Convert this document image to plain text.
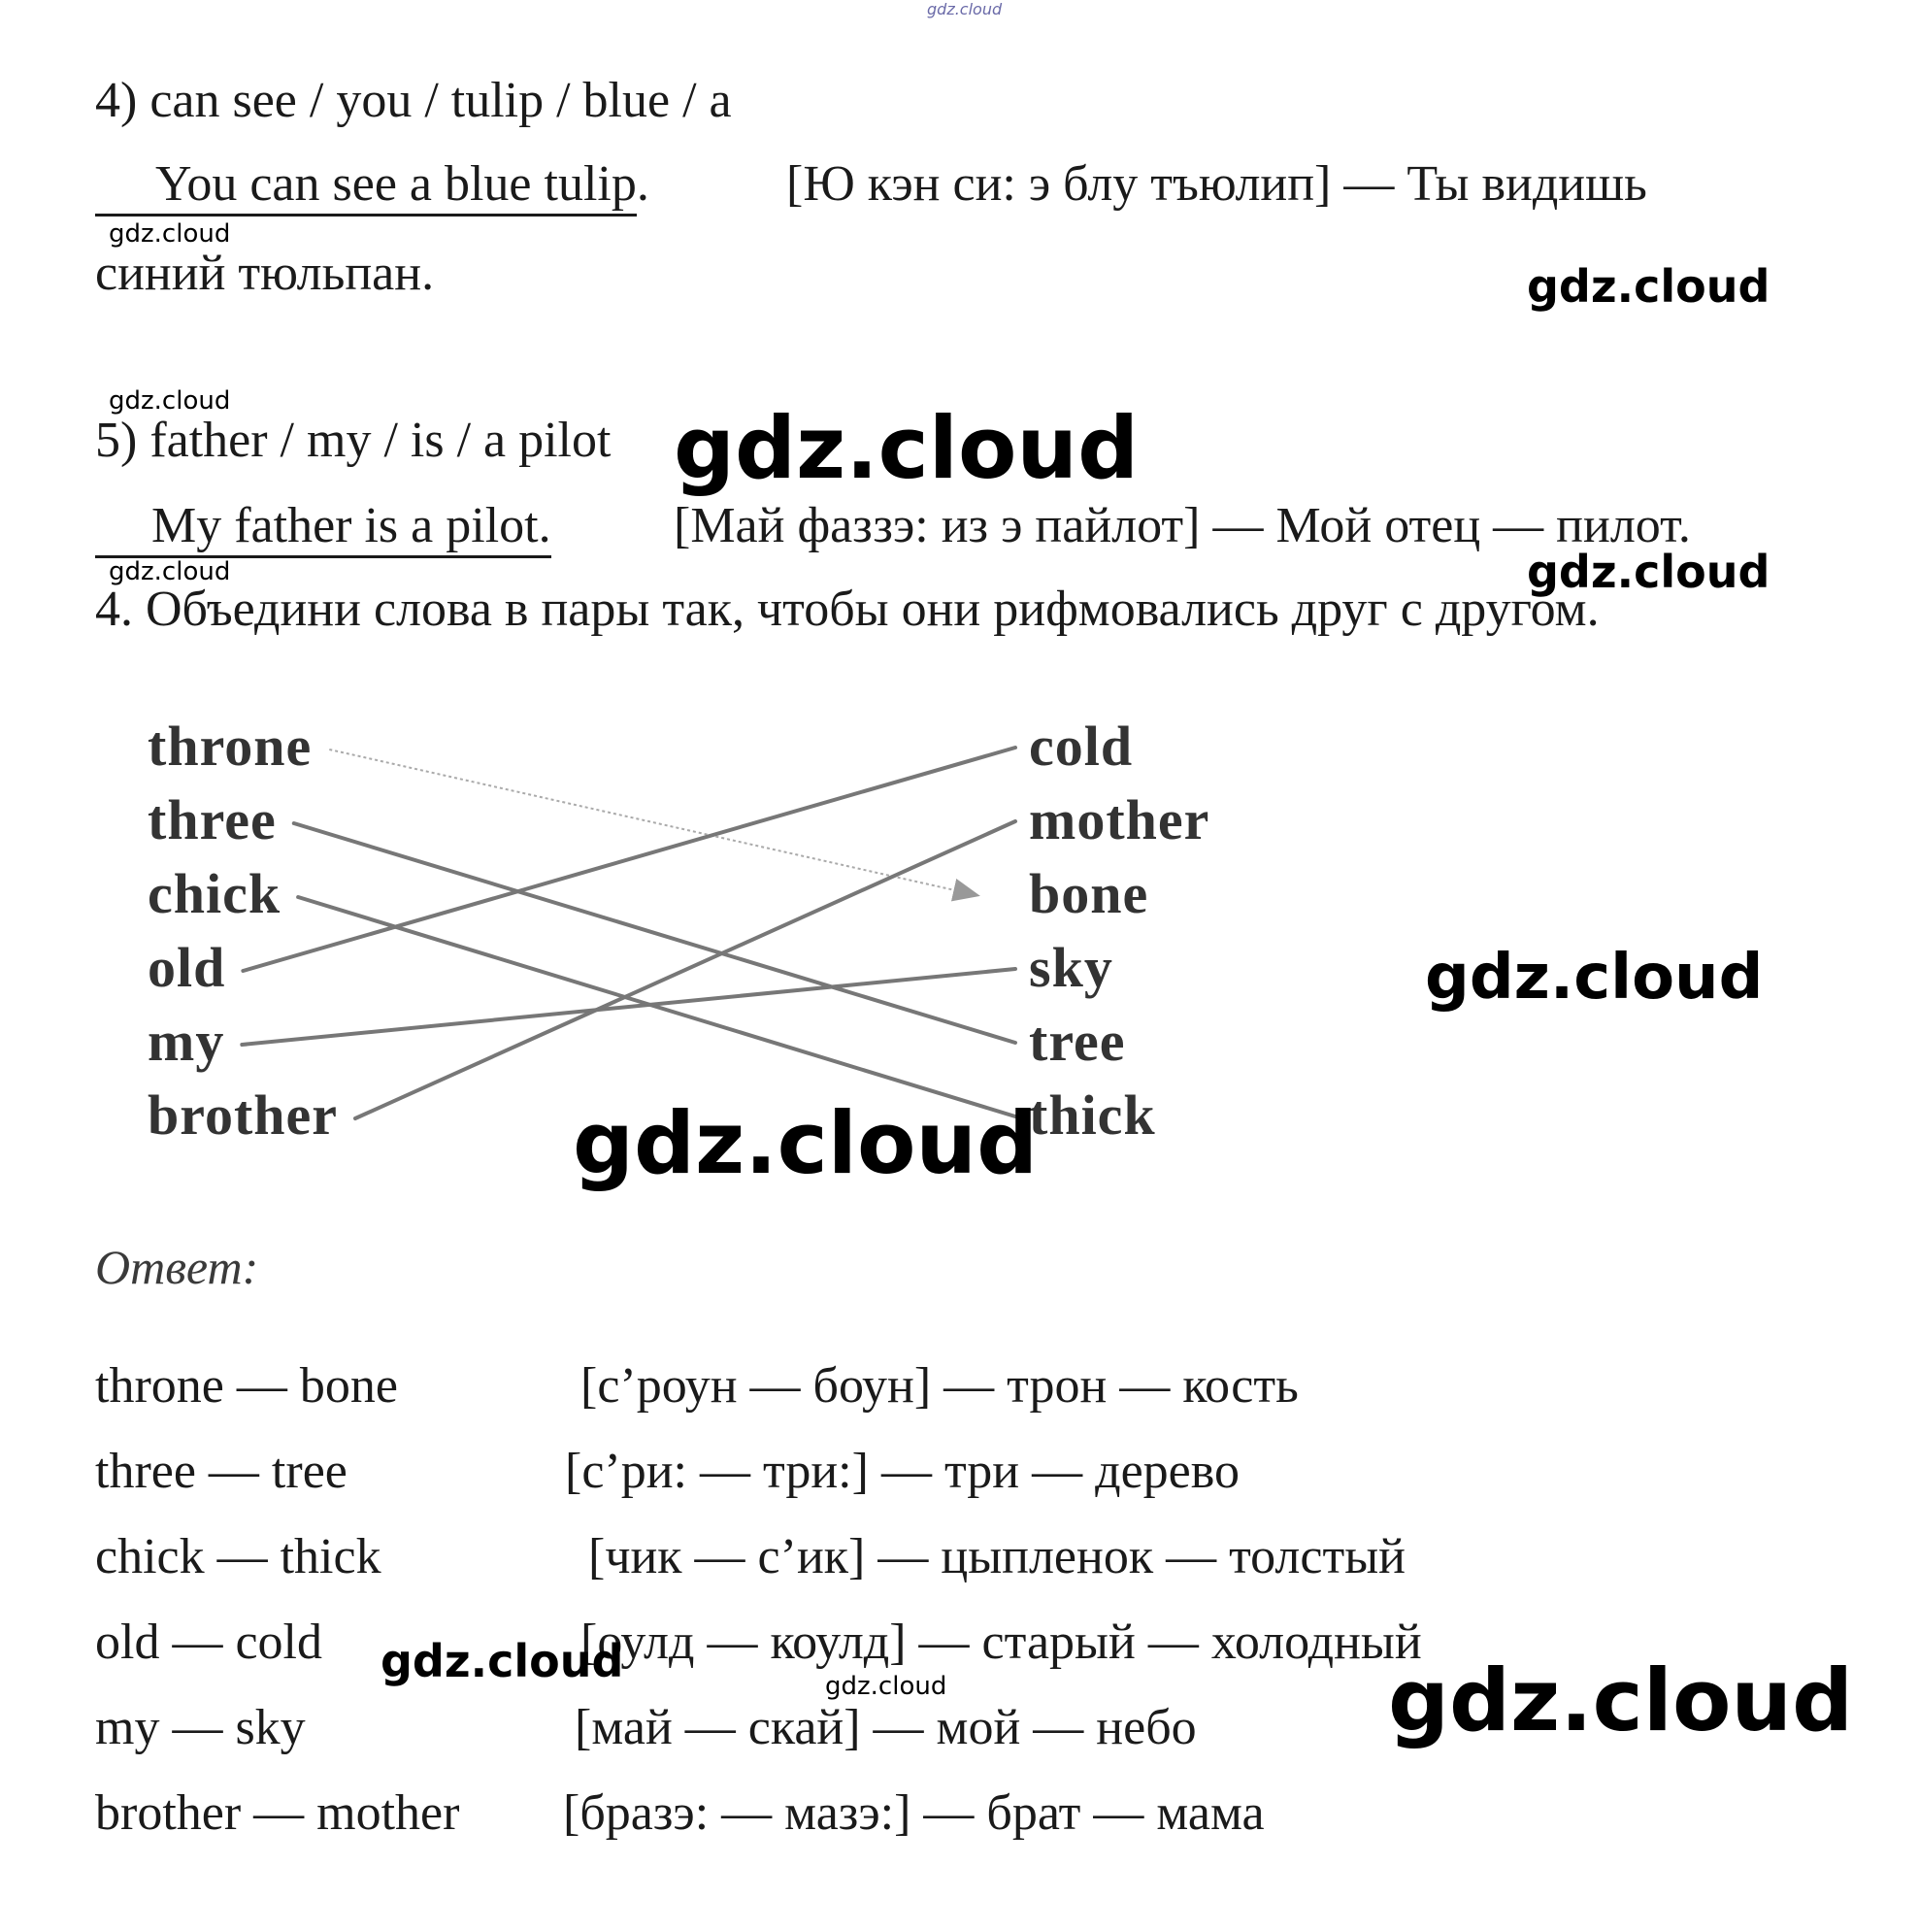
gdz.cloud
4) can see / you / tulip / blue / a
You can see a blue tulip.	[Ю кэн си: э блу тъюлип] — Ты видишь
gdz.cloud
синий тюльпан.	gdz.cloud
gdz.cloud
5) father / my / is / a pilot gdz.cloud
My father is a pilot. [Май фаззэ: из э пайлот] — Мой отец — пилот.
gdz.cloud	gdz.cloud
4. Объедини слова в пары так, чтобы они рифмовались друг с другом.
throne
three
chick
old
my
brother
cold
mother
bone
sky
tree
thick
gdz.cloud
gdz.cloud
Ответ:
throne — bone	[с’роун — боун] — трон — кость
three — tree	[с’ри: — три:] — три — дерево
chick — thick	[чик — с’ик] — цыпленок — толстый
old — cold	[оулд — коулд] — старый — холодный
my — sky	[май — скай] — мой — небо
brother — mother [бразэ: — мазэ:] — брат — мама
gdz.cloud	gdz.cloud	gdz.cloud
